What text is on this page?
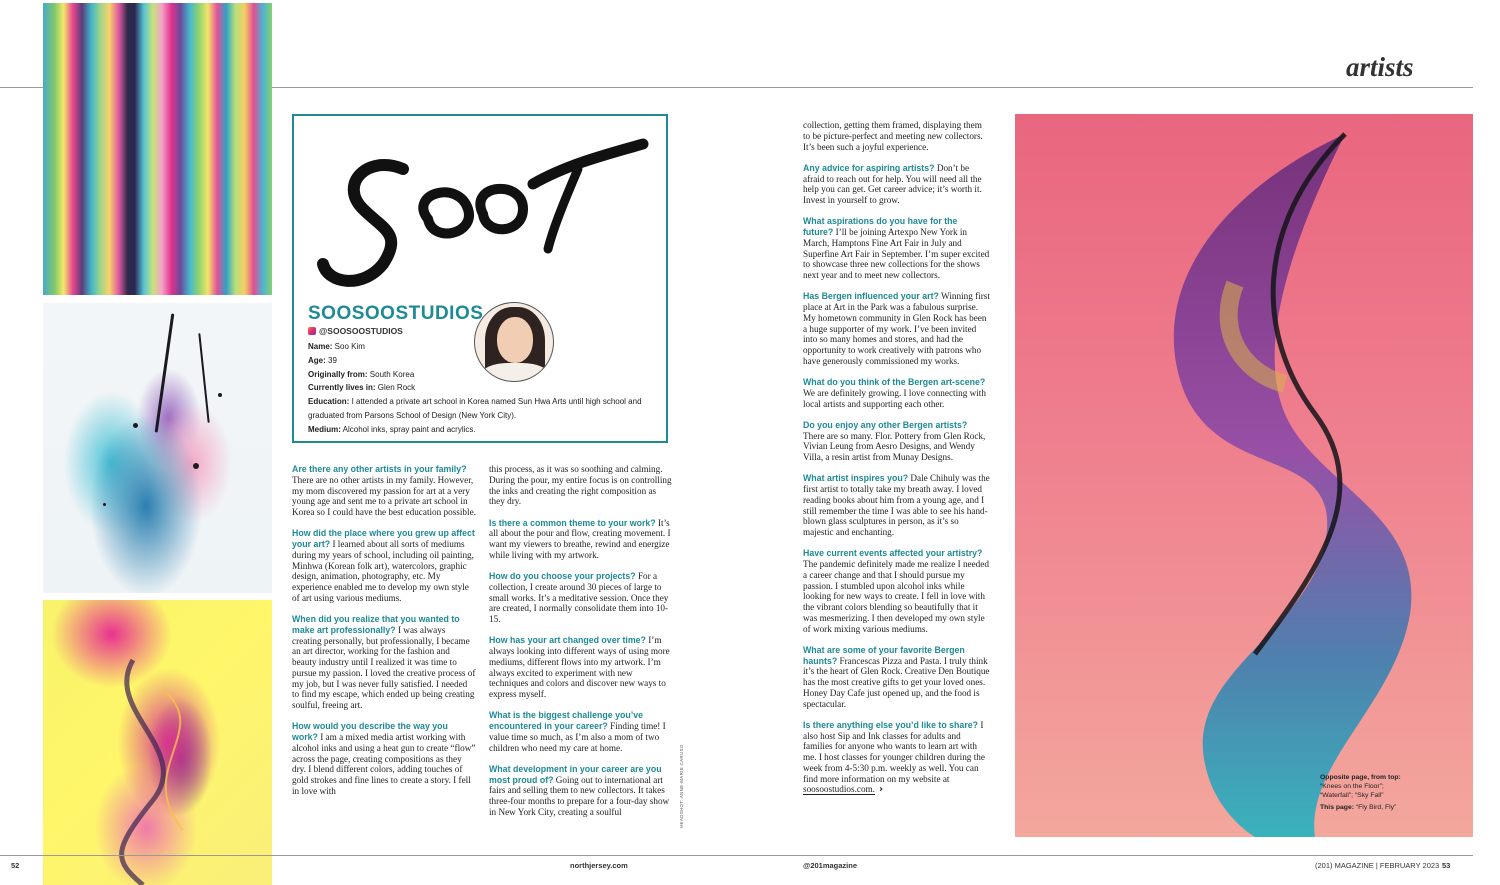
artists
SOOSOOSTUDIOS
@SOOSOOSTUDIOS
Name: Soo Kim
Age: 39
Originally from: South Korea
Currently lives in: Glen Rock
Education: I attended a private art school in Korea named Sun Hwa Arts until high school and graduated from Parsons School of Design (New York City).
Medium: Alcohol inks, spray paint and acrylics.

Are there any other artists in your family? There are no other artists in my family. However, my mom discovered my passion for art at a very young age and sent me to a private art school in Korea so I could have the best education possible.

How did the place where you grew up affect your art? I learned about all sorts of mediums during my years of school, including oil painting, Minhwa (Korean folk art), watercolors, graphic design, animation, photography, etc. My experience enabled me to develop my own style of art using various mediums.

When did you realize that you wanted to make art professionally? I was always creating personally, but professionally, I became an art director, working for the fashion and beauty industry until I realized it was time to pursue my passion. I loved the creative process of my job, but I was never fully satisfied. I needed to find my escape, which ended up being creating soulful, freeing art.

How would you describe the way you work? I am a mixed media artist working with alcohol inks and using a heat gun to create “flow” across the page, creating compositions as they dry. I blend different colors, adding touches of gold strokes and fine lines to create a story. I fell in love with

this process, as it was so soothing and calming. During the pour, my entire focus is on controlling the inks and creating the right composition as they dry.

Is there a common theme to your work? It’s all about the pour and flow, creating movement. I want my viewers to breathe, rewind and energize while living with my artwork.

How do you choose your projects? For a collection, I create around 30 pieces of large to small works. It’s a meditative session. Once they are created, I normally consolidate them into 10-15.

How has your art changed over time? I’m always looking into different ways of using more mediums, different flows into my artwork. I’m always excited to experiment with new techniques and colors and discover new ways to express myself.

What is the biggest challenge you’ve encountered in your career? Finding time! I value time so much, as I’m also a mom of two children who need my care at home.

What development in your career are you most proud of? Going out to international art fairs and selling them to new collectors. It takes three-four months to prepare for a four-day show in New York City, creating a soulful

collection, getting them framed, displaying them to be picture-perfect and meeting new collectors. It’s been such a joyful experience.

Any advice for aspiring artists? Don’t be afraid to reach out for help. You will need all the help you can get. Get career advice; it’s worth it. Invest in yourself to grow.

What aspirations do you have for the future? I’ll be joining Artexpo New York in March, Hamptons Fine Art Fair in July and Superfine Art Fair in September. I’m super excited to showcase three new collections for the shows next year and to meet new collectors.

Has Bergen influenced your art? Winning first place at Art in the Park was a fabulous surprise. My hometown community in Glen Rock has been a huge supporter of my work. I’ve been invited into so many homes and stores, and had the opportunity to work creatively with patrons who have generously commissioned my works.

What do you think of the Bergen art-scene? We are definitely growing. I love connecting with local artists and supporting each other.

Do you enjoy any other Bergen artists? There are so many. Flor. Pottery from Glen Rock, Vivian Leung from Aesro Designs, and Wendy Villa, a resin artist from Munay Designs.

What artist inspires you? Dale Chihuly was the first artist to totally take my breath away. I loved reading books about him from a young age, and I still remember the time I was able to see his hand-blown glass sculptures in person, as it’s so majestic and enchanting.

Have current events affected your artistry? The pandemic definitely made me realize I needed a career change and that I should pursue my passion. I stumbled upon alcohol inks while looking for new ways to create. I fell in love with the vibrant colors blending so beautifully that it was mesmerizing. I then developed my own style of work mixing various mediums.

What are some of your favorite Bergen haunts? Francescas Pizza and Pasta. I truly think it’s the heart of Glen Rock. Creative Den Boutique has the most creative gifts to get your loved ones. Honey Day Cafe just opened up, and the food is spectacular.

Is there anything else you’d like to share? I also host Sip and Ink classes for adults and families for anyone who wants to learn art with me. I host classes for younger children during the week from 4-5:30 p.m. weekly as well. You can find more information on my website at soosoostudios.com. ›

HEADSHOT: ANNE-MARIE CARUSO	Opposite page, from top:
“Knees on the Floor”;
“Waterfall”; “Sky Fall”
This page: “Fly Bird, Fly”
52	northjersey.com	@201magazine	(201) MAGAZINE | FEBRUARY 2023 53
